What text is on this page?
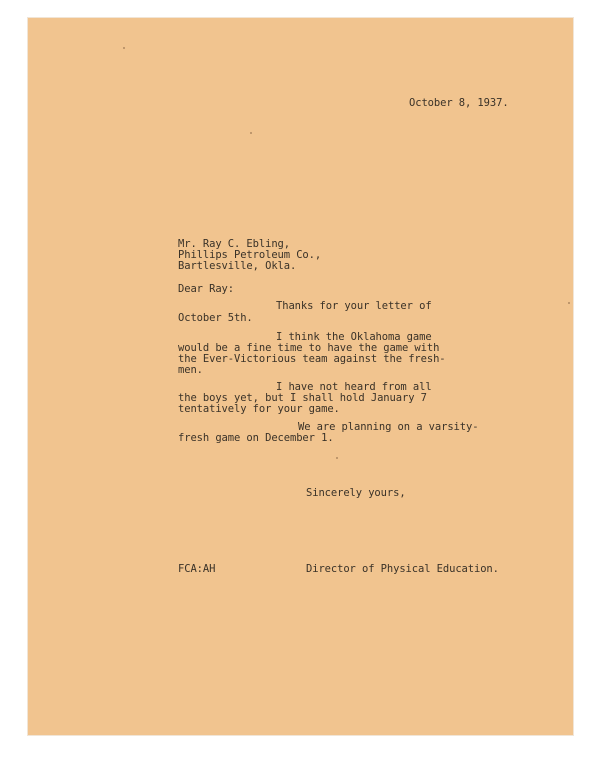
October 8, 1937.

Mr. Ray C. Ebling,

Phillips Petroleum Co.,

Bartlesville, Okla.

Dear Ray:

Thanks for your letter of

October 5th.

I think the Oklahoma game

would be a fine time to have the game with

the Ever-Victorious team against the fresh-

men.

I have not heard from all

the boys yet, but I shall hold January 7

tentatively for your game.

We are planning on a varsity-

fresh game on December 1.

Sincerely yours,

FCA:AH	Director of Physical Education.
